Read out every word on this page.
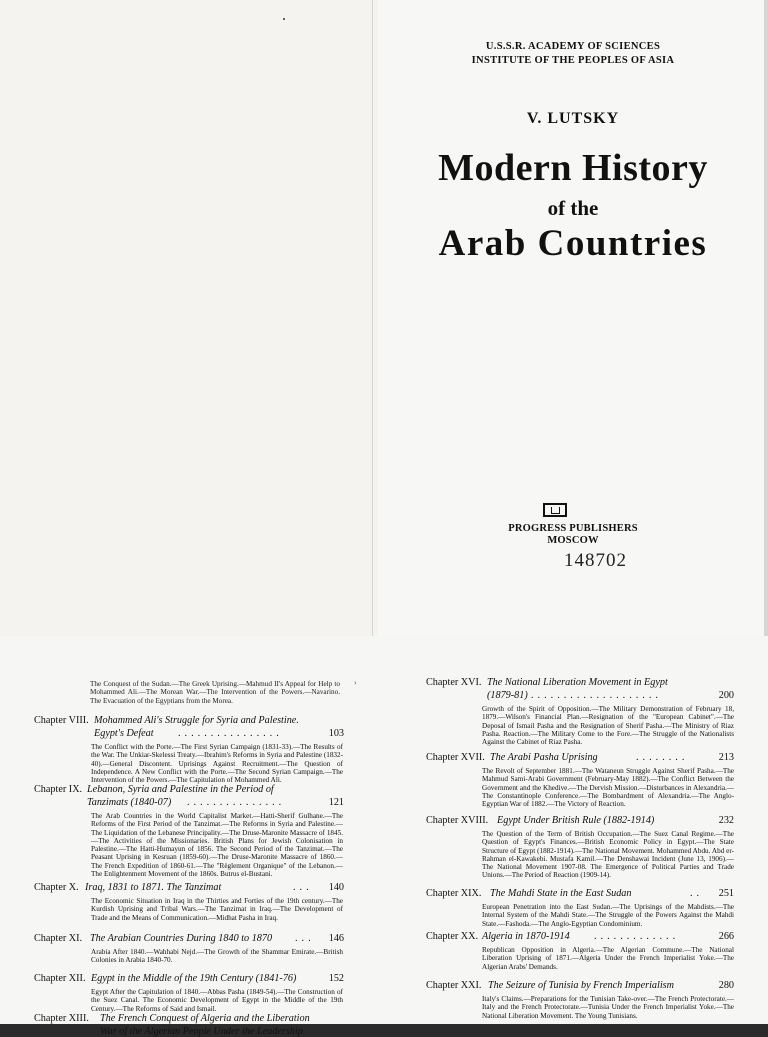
U.S.S.R. ACADEMY OF SCIENCES
INSTITUTE OF THE PEOPLES OF ASIA
V. LUTSKY
Modern History
of the
Arab Countries
PROGRESS PUBLISHERS
MOSCOW
148702
The Conquest of the Sudan.—The Greek Uprising.—Mahmud II's Appeal for Help to Mohammed Ali.—The Morean War.—The Intervention of the Powers.—Navarino. The Evacuation of the Egyptians from the Morea.
Chapter VIII. Mohammed Ali's Struggle for Syria and Palestine.
Egypt's Defeat ................	103
The Conflict with the Porte.—The First Syrian Campaign (1831-33).—The Results of the War. The Unkiar-Skelessi Treaty.—Ibrahim's Reforms in Syria and Palestine (1832-40).—General Discontent. Uprisings Against Recruitment.—The Question of Independence. A New Conflict with the Porte.—The Second Syrian Campaign.—The Intervention of the Powers.—The Capitulation of Mohammed Ali.
Chapter IX. Lebanon, Syria and Palestine in the Period of
Tanzimats (1840-07) ...............	121
The Arab Countries in the World Capitalist Market.—Hatti-Sherif Gulhane.—The Reforms of the First Period of the Tanzimat.—The Reforms in Syria and Palestine.—The Liquidation of the Lebanese Principality.—The Druse-Maronite Massacre of 1845.—The Activities of the Missionaries. British Plans for Jewish Colonisation in Palestine.—The Hatti-Humayun of 1856. The Second Period of the Tanzimat.—The Peasant Uprising in Kesruan (1859-60).—The Druse-Maronite Massacre of 1860.—The French Expedition of 1860-61.—The "Règlement Organique" of the Lebanon.—The Enlightenment Movement of the 1860s. Butrus el-Bustani.
Chapter X. Iraq, 1831 to 1871. The Tanzimat	...	140
The Economic Situation in Iraq in the Thirties and Forties of the 19th century.—The Kurdish Uprising and Tribal Wars.—The Tanzimat in Iraq.—The Development of Trade and the Means of Communication.—Midhat Pasha in Iraq.
Chapter XI. The Arabian Countries During 1840 to 1870 ...	146
Arabia After 1840.—Wahhabi Nejd.—The Growth of the Shammar Emirate.—British Colonies in Arabia 1840-70.
Chapter XII. Egypt in the Middle of the 19th Century (1841-76)	152
Egypt After the Capitulation of 1840.—Abbas Pasha (1849-54).—The Construction of the Suez Canal. The Economic Development of Egypt in the Middle of the 19th Century.—The Reforms of Said and Ismail.
Chapter XIII. The French Conquest of Algeria and the Liberation
War of the Algerian People Under the Leadership
›	Chapter XVI. The National Liberation Movement in Egypt
(1879-81) ....................	200
Growth of the Spirit of Opposition.—The Military Demonstration of February 18, 1879.—Wilson's Financial Plan.—Resignation of the "European Cabinet".—The Deposal of Ismail Pasha and the Resignation of Sherif Pasha.—The Ministry of Riaz Pasha. Reaction.—The Military Come to the Fore.—The Struggle of the Nationalists Against the Cabinet of Riaz Pasha.
Chapter XVII. The Arabi Pasha Uprising	........	213
The Revolt of September 1881.—The Wataneun Struggle Against Sherif Pasha.—The Mahmud Sami-Arabi Government (February-May 1882).—The Conflict Between the Government and the Khedive.—The Dervish Mission.—Disturbances in Alexandria.—The Constantinople Conference.—The Bombardment of Alexandria.—The Anglo-Egyptian War of 1882.—The Victory of Reaction.
Chapter XVIII. Egypt Under British Rule (1882-1914)	232
The Question of the Term of British Occupation.—The Suez Canal Regime.—The Question of Egypt's Finances.—British Economic Policy in Egypt.—The State Structure of Egypt (1882-1914).—The National Movement. Mohammed Abdu. Abd er-Rahman el-Kawakebi. Mustafa Kamil.—The Denshawai Incident (June 13, 1906).—The National Movement 1907-08. The Emergence of Political Parties and Trade Unions.—The Period of Reaction (1909-14).
Chapter XIX. The Mahdi State in the East Sudan	..	251
European Penetration into the East Sudan.—The Uprisings of the Mahdists.—The Internal System of the Mahdi State.—The Struggle of the Powers Against the Mahdi State.—Fashoda.—The Anglo-Egyptian Condominium.
Chapter XX. Algeria in 1870-1914 .............	266
Republican Opposition in Algeria.—The Algerian Commune.—The National Liberation Uprising of 1871.—Algeria Under the French Imperialist Yoke.—The Algerian Arabs' Demands.
Chapter XXI. The Seizure of Tunisia by French Imperialism	280
Italy's Claims.—Preparations for the Tunisian Take-over.—The French Protectorate.—Italy and the French Protectorate.—Tunisia Under the French Imperialist Yoke.—The National Liberation Movement. The Young Tunisians.
